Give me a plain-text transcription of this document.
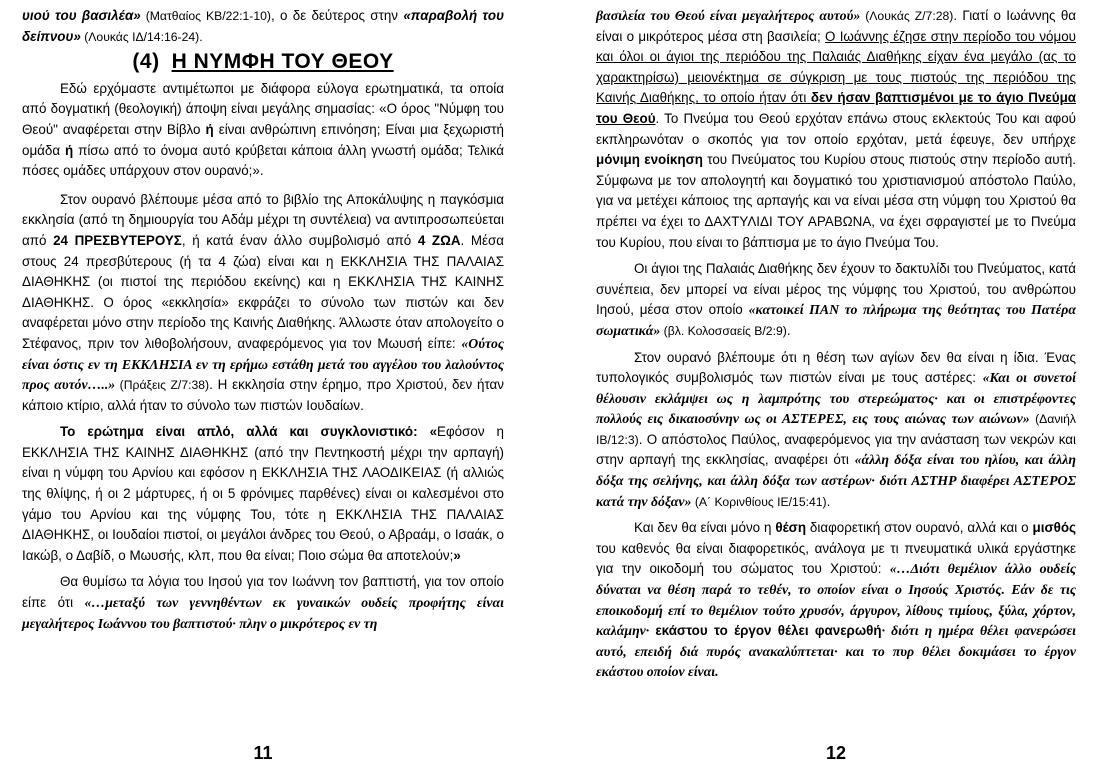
υιού του βασιλέα» (Ματθαίος ΚΒ/22:1-10), ο δε δεύτερος στην «παραβολή του δείπνου» (Λουκάς ΙΔ/14:16-24).

(4) Η ΝΥΜΦΗ ΤΟΥ ΘΕΟΥ

Εδώ ερχόμαστε αντιμέτωποι με διάφορα εύλογα ερωτηματικά, τα οποία από δογματική (θεολογική) άποψη είναι μεγάλης σημασίας: «Ο όρος "Νύμφη του Θεού" αναφέρεται στην Βίβλο ή είναι ανθρώπινη επινόηση; Είναι μια ξεχωριστή ομάδα ή πίσω από το όνομα αυτό κρύβεται κάποια άλλη γνωστή ομάδα; Τελικά πόσες ομάδες υπάρχουν στον ουρανό;».

Στον ουρανό βλέπουμε μέσα από το βιβλίο της Αποκάλυψης η παγκόσμια εκκλησία (από τη δημιουργία του Αδάμ μέχρι τη συντέλεια) να αντιπροσωπεύεται από 24 ΠΡΕΣΒΥΤΕΡΟΥΣ, ή κατά έναν άλλο συμβολισμό από 4 ΖΩΑ. Μέσα στους 24 πρεσβύτερους (ή τα 4 ζώα) είναι και η ΕΚΚΛΗΣΙΑ ΤΗΣ ΠΑΛΑΙΑΣ ΔΙΑΘΗΚΗΣ (οι πιστοί της περιόδου εκείνης) και η ΕΚΚΛΗΣΙΑ ΤΗΣ ΚΑΙΝΗΣ ΔΙΑΘΗΚΗΣ. Ο όρος «εκκλησία» εκφράζει το σύνολο των πιστών και δεν αναφέρεται μόνο στην περίοδο της Καινής Διαθήκης. Άλλωστε όταν απολογείτο ο Στέφανος, πριν τον λιθοβολήσουν, αναφερόμενος για τον Μωυσή είπε: «Ούτος είναι όστις εν τη ΕΚΚΛΗΣΙΑ εν τη ερήμω εστάθη μετά του αγγέλου του λαλούντος προς αυτόν…..» (Πράξεις Ζ/7:38). Η εκκλησία στην έρημο, προ Χριστού, δεν ήταν κάποιο κτίριο, αλλά ήταν το σύνολο των πιστών Ιουδαίων.

Το ερώτημα είναι απλό, αλλά και συγκλονιστικό: «Εφόσον η ΕΚΚΛΗΣΙΑ ΤΗΣ ΚΑΙΝΗΣ ΔΙΑΘΗΚΗΣ (από την Πεντηκοστή μέχρι την αρπαγή) είναι η νύμφη του Αρνίου και εφόσον η ΕΚΚΛΗΣΙΑ ΤΗΣ ΛΑΟΔΙΚΕΙΑΣ (ή αλλιώς της θλίψης, ή οι 2 μάρτυρες, ή οι 5 φρόνιμες παρθένες) είναι οι καλεσμένοι στο γάμο του Αρνίου και της νύμφης Του, τότε η ΕΚΚΛΗΣΙΑ ΤΗΣ ΠΑΛΑΙΑΣ ΔΙΑΘΗΚΗΣ, οι Ιουδαίοι πιστοί, οι μεγάλοι άνδρες του Θεού, ο Αβραάμ, ο Ισαάκ, ο Ιακώβ, ο Δαβίδ, ο Μωυσής, κλπ, που θα είναι; Ποιο σώμα θα αποτελούν;»

Θα θυμίσω τα λόγια του Ιησού για τον Ιωάννη τον βαπτιστή, για τον οποίο είπε ότι «…μεταξύ των γεννηθέντων εκ γυναικών ουδείς προφήτης είναι μεγαλήτερος Ιωάννου του βαπτιστού· πλην ο μικρότερος εν τη

11

βασιλεία του Θεού είναι μεγαλήτερος αυτού» (Λουκάς Ζ/7:28). Γιατί ο Ιωάννης θα είναι ο μικρότερος μέσα στη βασιλεία; Ο Ιωάννης έζησε στην περίοδο του νόμου και όλοι οι άγιοι της περιόδου της Παλαιάς Διαθήκης είχαν ένα μεγάλο (ας το χαρακτηρίσω) μειονέκτημα σε σύγκριση με τους πιστούς της περιόδου της Καινής Διαθήκης, το οποίο ήταν ότι δεν ήσαν βαπτισμένοι με το άγιο Πνεύμα του Θεού. Το Πνεύμα του Θεού ερχόταν επάνω στους εκλεκτούς Του και αφού εκπληρωνόταν ο σκοπός για τον οποίο ερχόταν, μετά έφευγε, δεν υπήρχε μόνιμη ενοίκηση του Πνεύματος του Κυρίου στους πιστούς στην περίοδο αυτή. Σύμφωνα με τον απολογητή και δογματικό του χριστιανισμού απόστολο Παύλο, για να μετέχει κάποιος της αρπαγής και να είναι μέσα στη νύμφη του Χριστού θα πρέπει να έχει το ΔΑΧΤΥΛΙΔΙ ΤΟΥ ΑΡΑΒΩΝΑ, να έχει σφραγιστεί με το Πνεύμα του Κυρίου, που είναι το βάπτισμα με το άγιο Πνεύμα Του.

Οι άγιοι της Παλαιάς Διαθήκης δεν έχουν το δακτυλίδι του Πνεύματος, κατά συνέπεια, δεν μπορεί να είναι μέρος της νύμφης του Χριστού, του ανθρώπου Ιησού, μέσα στον οποίο «κατοικεί ΠΑΝ το πλήρωμα της θεότητας του Πατέρα σωματικά» (βλ. Κολοσσαείς Β/2:9).

Στον ουρανό βλέπουμε ότι η θέση των αγίων δεν θα είναι η ίδια. Ένας τυπολογικός συμβολισμός των πιστών είναι με τους αστέρες: «Και οι συνετοί θέλουσιν εκλάμψει ως η λαμπρότης του στερεώματος· και οι επιστρέφοντες πολλούς εις δικαιοσύνην ως οι ΑΣΤΕΡΕΣ, εις τους αιώνας των αιώνων» (Δανιήλ ΙΒ/12:3). Ο απόστολος Παύλος, αναφερόμενος για την ανάσταση των νεκρών και στην αρπαγή της εκκλησίας, αναφέρει ότι «άλλη δόξα είναι του ηλίου, και άλλη δόξα της σελήνης, και άλλη δόξα των αστέρων· διότι ΑΣΤΗΡ διαφέρει ΑΣΤΕΡΟΣ κατά την δόξαν» (Α΄ Κορινθίους ΙΕ/15:41).

Και δεν θα είναι μόνο η θέση διαφορετική στον ουρανό, αλλά και ο μισθός του καθενός θα είναι διαφορετικός, ανάλογα με τι πνευματικά υλικά εργάστηκε για την οικοδομή του σώματος του Χριστού: «…Διότι θεμέλιον άλλο ουδείς δύναται να θέση παρά το τεθέν, το οποίον είναι ο Ιησούς Χριστός. Εάν δε τις εποικοδομή επί το θεμέλιον τούτο χρυσόν, άργυρον, λίθους τιμίους, ξύλα, χόρτον, καλάμην· εκάστου το έργον θέλει φανερωθή· διότι η ημέρα θέλει φανερώσει αυτό, επειδή διά πυρός ανακαλύπτεται· και το πυρ θέλει δοκιμάσει το έργον εκάστου οποίον είναι.

12
